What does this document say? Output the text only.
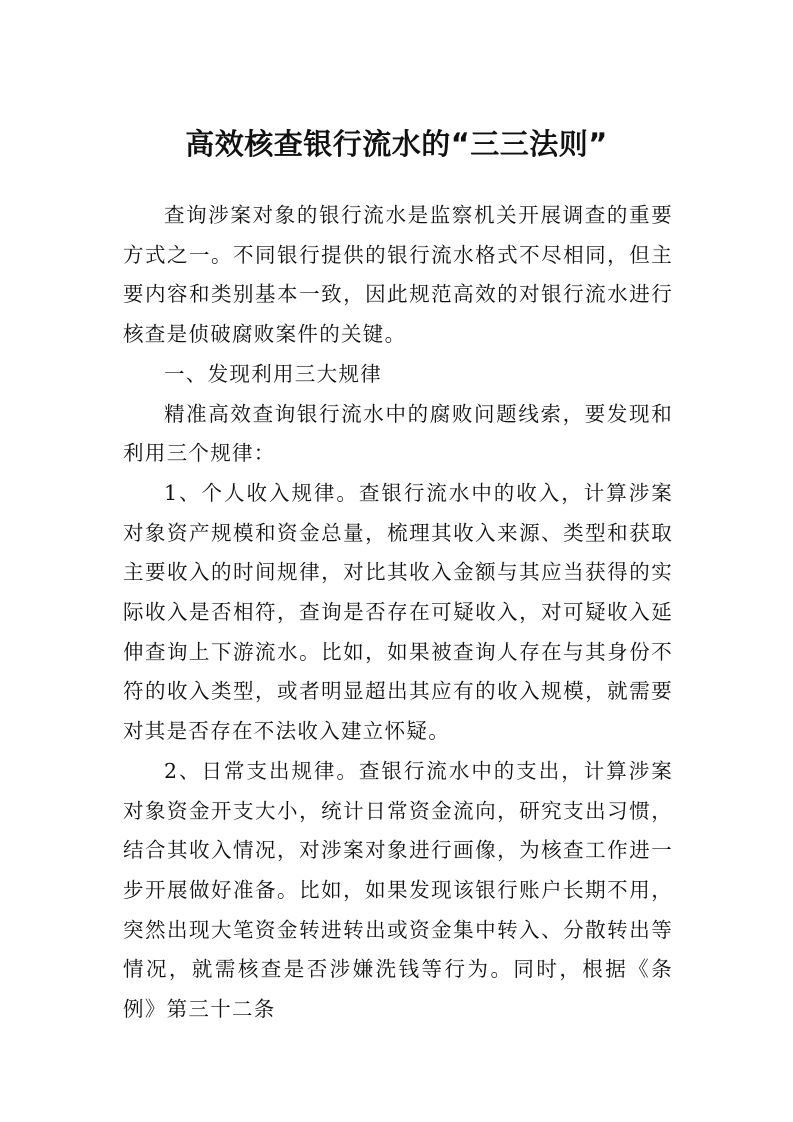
高效核查银行流水的“三三法则”

查询涉案对象的银行流水是监察机关开展调查的重要方式之一。不同银行提供的银行流水格式不尽相同，但主要内容和类别基本一致，因此规范高效的对银行流水进行核查是侦破腐败案件的关键。

一、发现利用三大规律

精准高效查询银行流水中的腐败问题线索，要发现和利用三个规律：

1、个人收入规律。查银行流水中的收入，计算涉案对象资产规模和资金总量，梳理其收入来源、类型和获取主要收入的时间规律，对比其收入金额与其应当获得的实际收入是否相符，查询是否存在可疑收入，对可疑收入延伸查询上下游流水。比如，如果被查询人存在与其身份不符的收入类型，或者明显超出其应有的收入规模，就需要对其是否存在不法收入建立怀疑。

2、日常支出规律。查银行流水中的支出，计算涉案对象资金开支大小，统计日常资金流向，研究支出习惯，结合其收入情况，对涉案对象进行画像，为核查工作进一步开展做好准备。比如，如果发现该银行账户长期不用，突然出现大笔资金转进转出或资金集中转入、分散转出等情况，就需核查是否涉嫌洗钱等行为。同时，根据《条例》第三十二条
